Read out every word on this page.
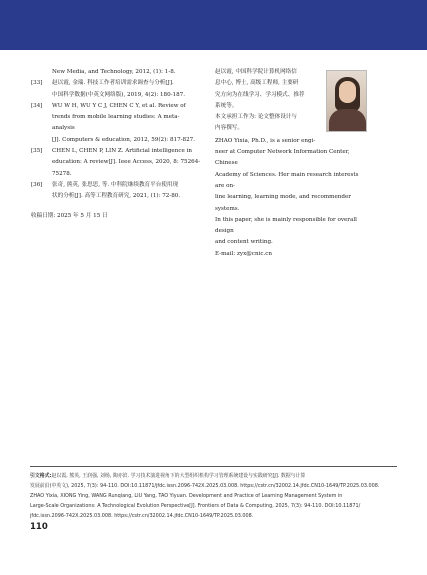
New Media, and Technology, 2012, (1): 1-8.
[33] 赵以霞, 金瑞. 科技工作者培训需求调查与分析[J].
中国科学数据(中英文网络版), 2019, 4(2): 180-187.
[34] WU W H, WU Y C J, CHEN C Y, et al. Review of
trends from mobile learning studies: A meta-analysis
[J]. Computers & education, 2012, 59(2): 817-827.
[35] CHEN L, CHEN P, LIN Z. Artificial intelligence in
education: A review[J]. Ieee Access, 2020, 8: 75264-
75278.
[36] 张奇, 熊英, 张思思, 等. 中科院继续教育平台使用现
状的分析[J]. 高等工程教育研究, 2021, (1): 72-80.
收稿日期: 2025 年 5 月 15 日
赵以霞, 中国科学院计算机网络信
息中心, 博士, 高级工程师, 主要研
究方向为在线学习、学习模式、推荐
系统等。
本文承担工作为: 论文整体设计与
内容撰写。
ZHAO Yixia, Ph.D., is a senior engi-
neer at Computer Network Information Center, Chinese
Academy of Sciences. Her main research interests are on-
line learning, learning mode, and recommender systems.
In this paper, she is mainly responsible for overall design
and content writing.
E-mail: zyx@cnic.cn
引文格式:赵以霞, 熊英, 王润强, 刘杨, 陶亦滨. 学习技术演进视角下的大型组织机构学习管理系统建设与实践研究[J]. 数据与计算
发展前沿(中英文), 2025, 7(3): 94-110. DOI:10.11871/jfdc.issn.2096-742X.2025.03.008. https://cstr.cn/32002.14.jfdc.CN10-1649/TP.2025.03.008.
ZHAO Yixia, XIONG Ying, WANG Runqiang, LIU Yang, TAO Yiyuan. Development and Practice of Learning Management System in
Large-Scale Organizations: A Technological Evolution Perspective[J]. Frontiers of Data & Computing, 2025, 7(3): 94-110. DOI:10.11871/
jfdc.issn.2096-742X.2025.03.008. https://cstr.cn/32002.14.jfdc.CN10-1649/TP.2025.03.008.
110
